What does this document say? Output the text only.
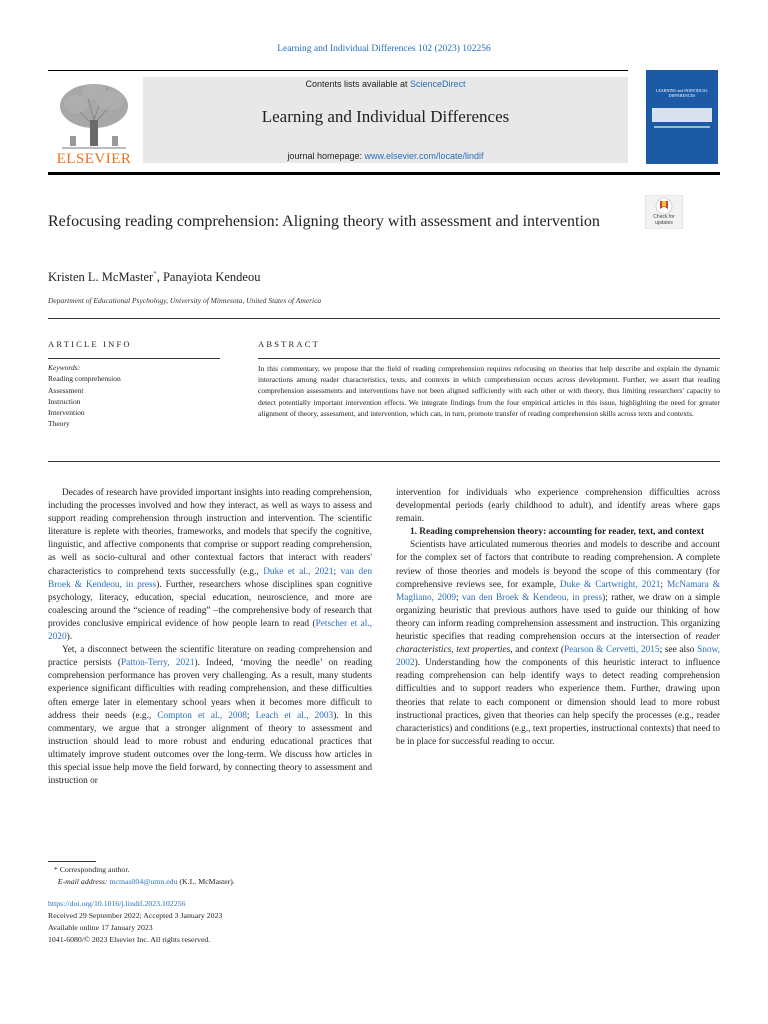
Learning and Individual Differences 102 (2023) 102256
ELSEVIER
Contents lists available at ScienceDirect
Learning and Individual Differences
journal homepage: www.elsevier.com/locate/lindif
LEARNING and INDIVIDUAL DIFFERENCES
Refocusing reading comprehension: Aligning theory with assessment and intervention	Check for updates
Kristen L. McMaster*, Panayiota Kendeou
Department of Educational Psychology, University of Minnesota, United States of America
ARTICLE INFO	ABSTRACT
Keywords:
Reading comprehension
Assessment
Instruction
Intervention
Theory
In this commentary, we propose that the field of reading comprehension requires refocusing on theories that help describe and explain the dynamic interactions among reader characteristics, texts, and contexts in which comprehension occurs across development. Further, we assert that reading comprehension assessments and interventions have not been aligned sufficiently with each other or with theory, thus limiting researchers' capacity to detect potentially important intervention effects. We integrate findings from the four empirical articles in this issue, highlighting the need for greater alignment of theory, assessment, and intervention, which can, in turn, promote transfer of reading comprehension skills across texts and contexts.

Decades of research have provided important insights into reading comprehension, including the processes involved and how they interact, as well as ways to assess and support reading comprehension through instruction and intervention. The scientific literature is replete with theories, frameworks, and models that specify the cognitive, linguistic, and affective components that comprise or support reading comprehension, as well as socio-cultural and other contextual factors that interact with readers' characteristics to comprehend texts successfully (e.g., Duke et al., 2021; van den Broek & Kendeou, in press). Further, researchers whose disciplines span cognitive psychology, literacy, education, special education, neuroscience, and more are coalescing around the “science of reading” –the comprehensive body of research that provides conclusive empirical evidence of how people learn to read (Petscher et al., 2020).

Yet, a disconnect between the scientific literature on reading comprehension and practice persists (Patton-Terry, 2021). Indeed, ‘moving the needle’ on reading comprehension performance has proven very challenging. As a result, many students experience significant difficulties with reading comprehension, and these difficulties often emerge later in elementary school years when it becomes more difficult to address their needs (e.g., Compton et al., 2008; Leach et al., 2003). In this commentary, we argue that a stronger alignment of theory to assessment and instruction should lead to more robust and enduring educational practices that ultimately improve student outcomes over the long-term. We discuss how articles in this special issue help move the field forward, by connecting theory to assessment and instruction or

intervention for individuals who experience comprehension difficulties across developmental periods (early childhood to adult), and identify areas where gaps remain.

1. Reading comprehension theory: accounting for reader, text, and context

Scientists have articulated numerous theories and models to describe and account for the complex set of factors that contribute to reading comprehension. A complete review of those theories and models is beyond the scope of this commentary (for comprehensive reviews see, for example, Duke & Cartwright, 2021; McNamara & Magliano, 2009; van den Broek & Kendeou, in press); rather, we draw on a simple organizing heuristic that previous authors have used to guide our thinking of how theory can inform reading comprehension assessment and instruction. This organizing heuristic specifies that reading comprehension occurs at the intersection of reader characteristics, text properties, and context (Pearson & Cervetti, 2015; see also Snow, 2002). Understanding how the components of this heuristic interact to influence reading comprehension can help identify ways to detect reading comprehension difficulties and to support readers who experience them. Further, drawing upon theories that relate to each component or dimension should lead to more robust instructional practices, given that theories can help specify the processes (e.g., reader characteristics) and conditions (e.g., text properties, instructional contexts) that need to be in place for successful reading to occur.

* Corresponding author.
E-mail address: mcmas004@umn.edu (K.L. McMaster).
https://doi.org/10.1016/j.lindif.2023.102256
Received 29 September 2022; Accepted 3 January 2023
Available online 17 January 2023
1041-6080/© 2023 Elsevier Inc. All rights reserved.
